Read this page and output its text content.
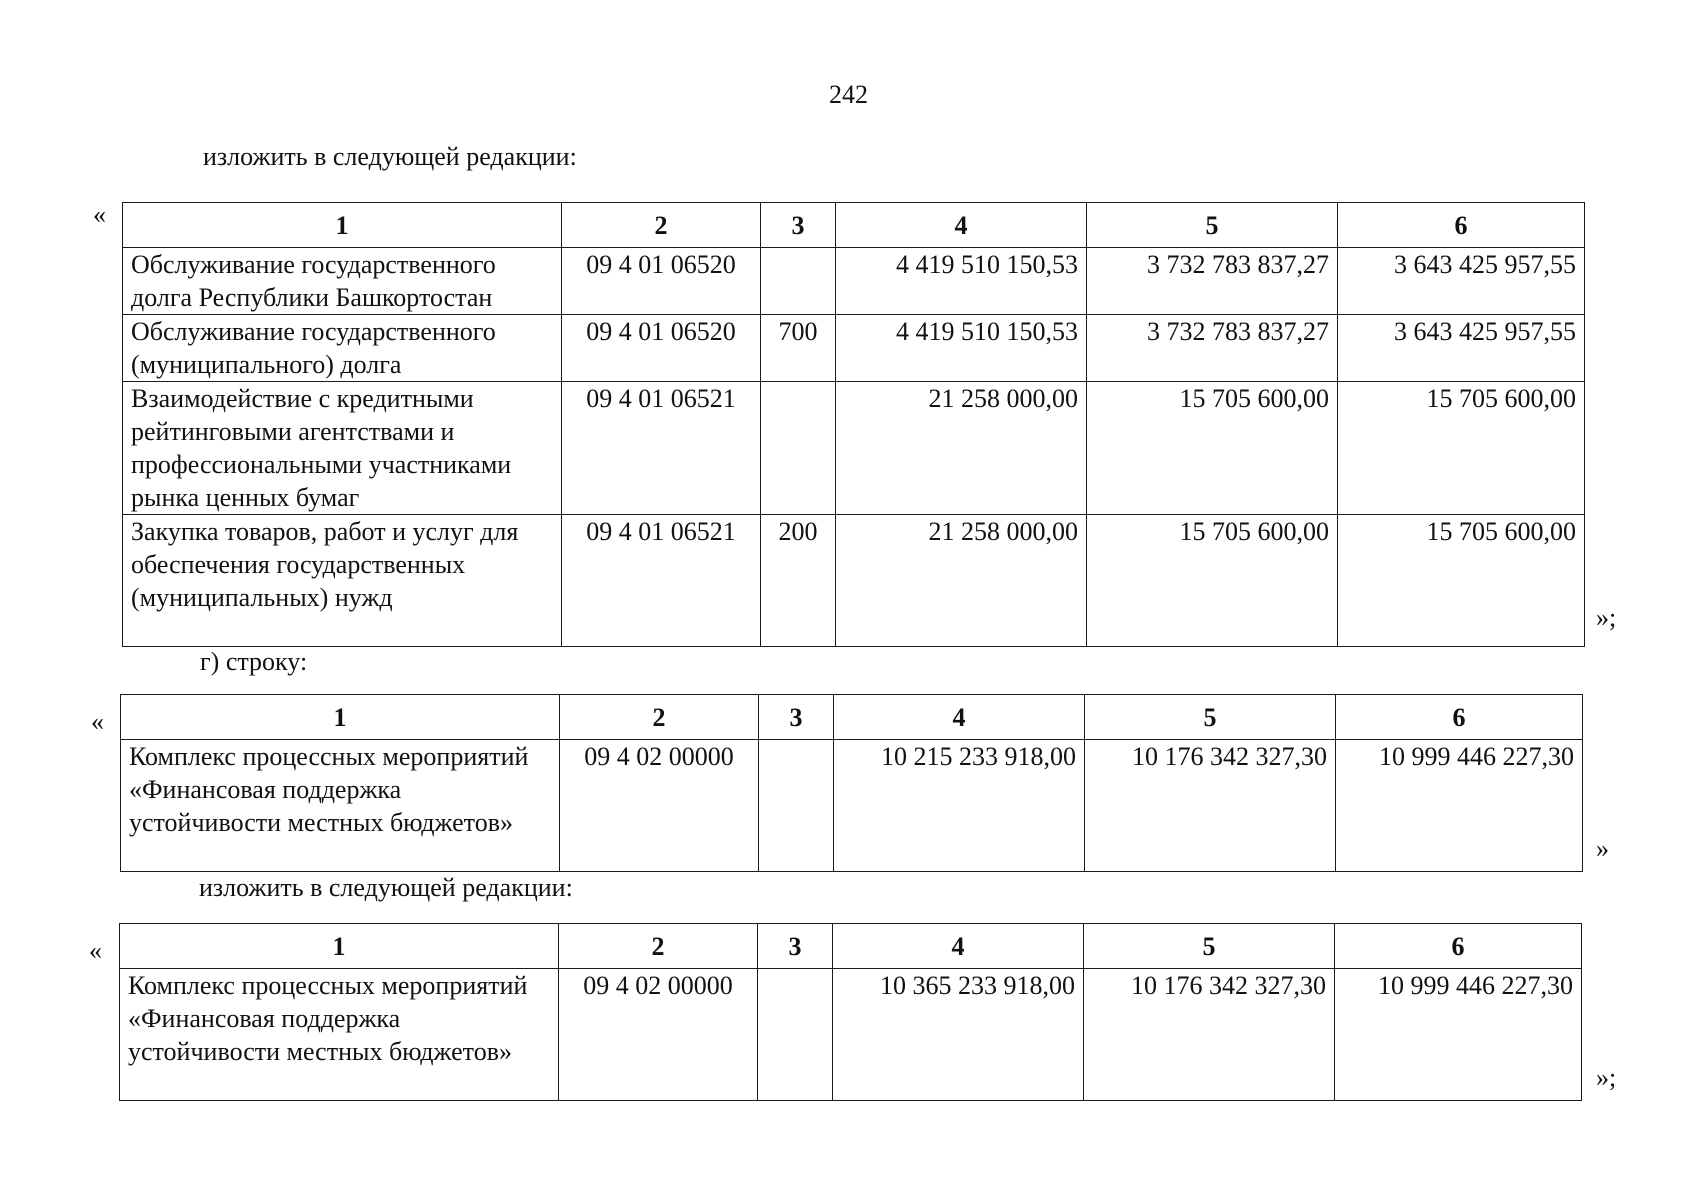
242
изложить в следующей редакции:
«	1	2	3	4	5	6
Обслуживание государственного долга Республики Башкортостан	09 4 01 06520		4 419 510 150,53	3 732 783 837,27	3 643 425 957,55
Обслуживание государственного (муниципального) долга	09 4 01 06520	700	4 419 510 150,53	3 732 783 837,27	3 643 425 957,55
Взаимодействие с кредитными рейтинговыми агентствами и профессиональными участниками рынка ценных бумаг	09 4 01 06521		21 258 000,00	15 705 600,00	15 705 600,00
Закупка товаров, работ и услуг для обеспечения государственных (муниципальных) нужд	09 4 01 06521	200	21 258 000,00	15 705 600,00	15 705 600,00
»;
г) строку:
«	1	2	3	4	5	6
Комплекс процессных мероприятий «Финансовая поддержка устойчивости местных бюджетов»	09 4 02 00000		10 215 233 918,00	10 176 342 327,30	10 999 446 227,30
»
изложить в следующей редакции:
«	1	2	3	4	5	6
Комплекс процессных мероприятий «Финансовая поддержка устойчивости местных бюджетов»	09 4 02 00000		10 365 233 918,00	10 176 342 327,30	10 999 446 227,30
»;
